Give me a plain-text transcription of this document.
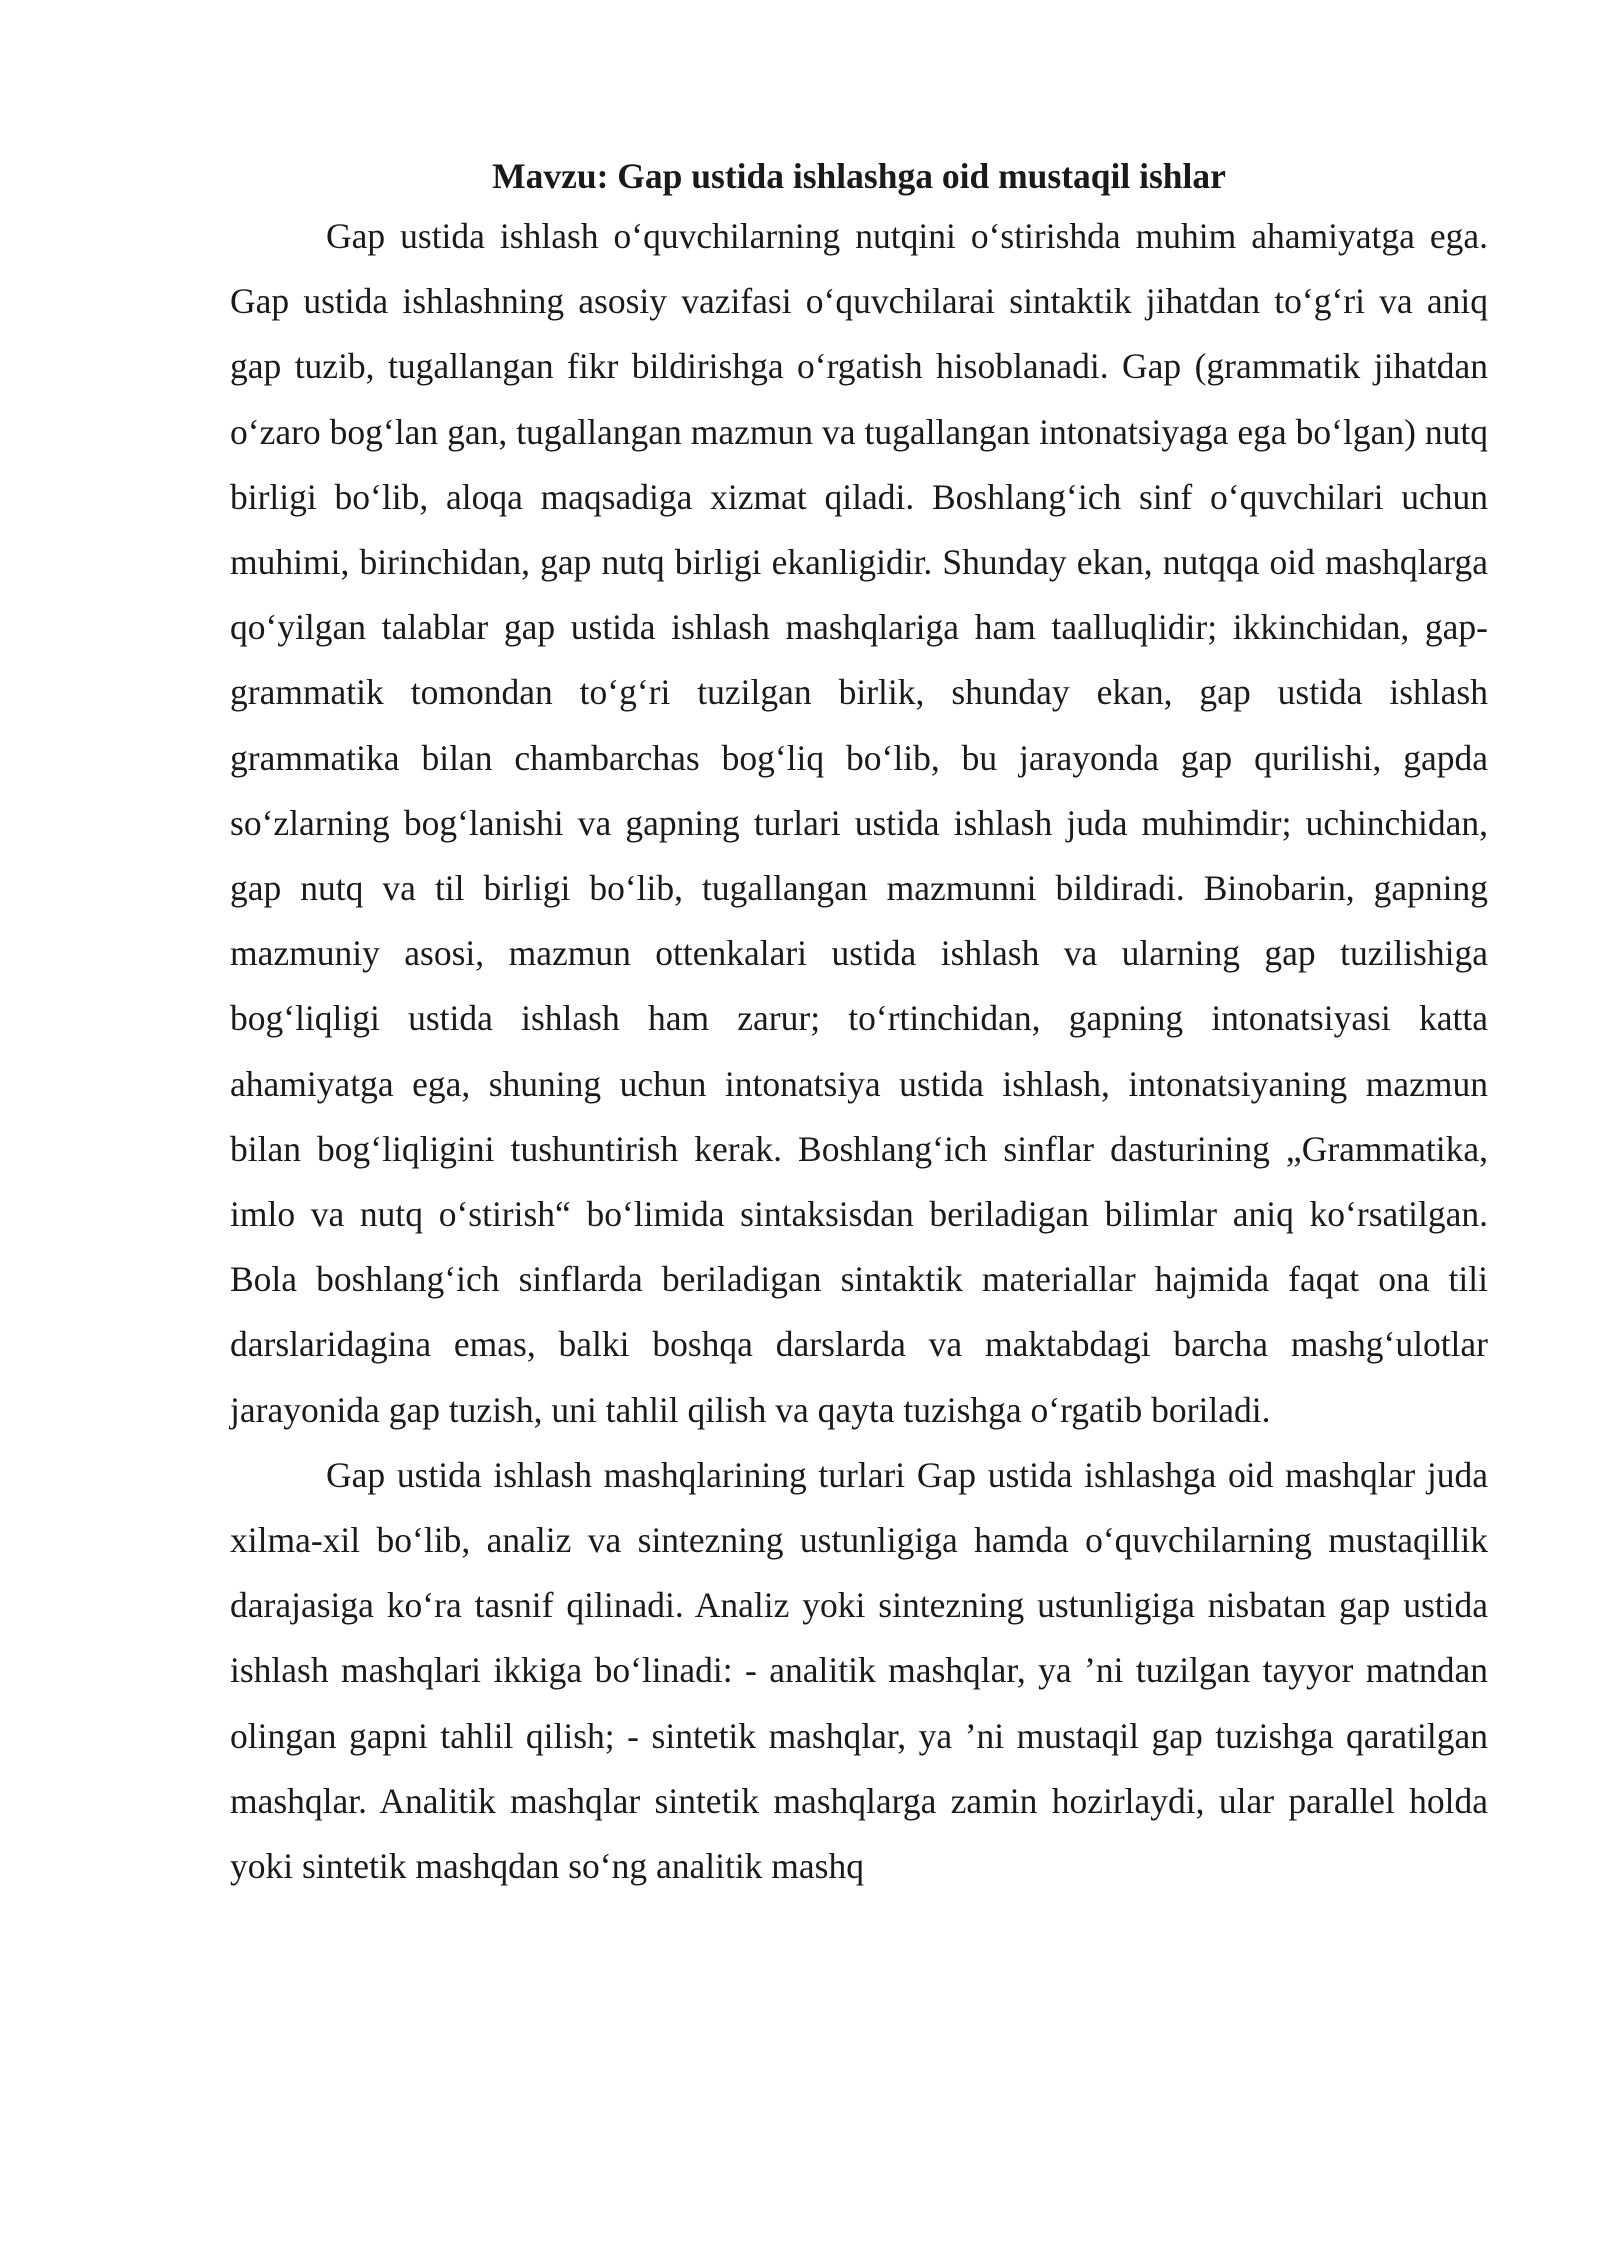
Mavzu: Gap ustida ishlashga oid mustaqil ishlar

Gap ustida ishlash o‘quvchilarning nutqini o‘stirishda muhim ahamiyatga ega. Gap ustida ishlashning asosiy vazifasi o‘quvchilarai sintaktik jihatdan to‘g‘ri va aniq gap tuzib, tugallangan fikr bildirishga o‘rgatish hisoblanadi. Gap (grammatik jihatdan o‘zaro bog‘lan gan, tugallangan mazmun va tugallangan intonatsiyaga ega bo‘lgan) nutq birligi bo‘lib, aloqa maqsadiga xizmat qiladi. Boshlang‘ich sinf o‘quvchilari uchun muhimi, birinchidan, gap nutq birligi ekanligidir. Shunday ekan, nutqqa oid mashqlarga qo‘yilgan talablar gap ustida ishlash mashqlariga ham taalluqlidir; ikkinchidan, gap-grammatik tomondan to‘g‘ri tuzilgan birlik, shunday ekan, gap ustida ishlash grammatika bilan chambarchas bog‘liq bo‘lib, bu jarayonda gap qurilishi, gapda so‘zlarning bog‘lanishi va gapning turlari ustida ishlash juda muhimdir; uchinchidan, gap nutq va til birligi bo‘lib, tugallangan mazmunni bildiradi. Binobarin, gapning mazmuniy asosi, mazmun ottenkalari ustida ishlash va ularning gap tuzilishiga bog‘liqligi ustida ishlash ham zarur; to‘rtinchidan, gapning intonatsiyasi katta ahamiyatga ega, shuning uchun intonatsiya ustida ishlash, intonatsiyaning mazmun bilan bog‘liqligini tushuntirish kerak. Boshlang‘ich sinflar dasturining „Grammatika, imlo va nutq o‘stirish“ bo‘limida sintaksisdan beriladigan bilimlar aniq ko‘rsatilgan. Bola boshlang‘ich sinflarda beriladigan sintaktik materiallar hajmida faqat ona tili darslaridagina emas, balki boshqa darslarda va maktabdagi barcha mashg‘ulotlar jarayonida gap tuzish, uni tahlil qilish va qayta tuzishga o‘rgatib boriladi.

Gap ustida ishlash mashqlarining turlari Gap ustida ishlashga oid mashqlar juda xilma-xil bo‘lib, analiz va sintezning ustunligiga hamda o‘quvchilarning mustaqillik darajasiga ko‘ra tasnif qilinadi. Analiz yoki sintezning ustunligiga nisbatan gap ustida ishlash mashqlari ikkiga bo‘linadi: - analitik mashqlar, ya ’ni tuzilgan tayyor matndan olingan gapni tahlil qilish; - sintetik mashqlar, ya ’ni mustaqil gap tuzishga qaratilgan mashqlar. Analitik mashqlar sintetik mashqlarga zamin hozirlaydi, ular parallel holda yoki sintetik mashqdan so‘ng analitik mashq
